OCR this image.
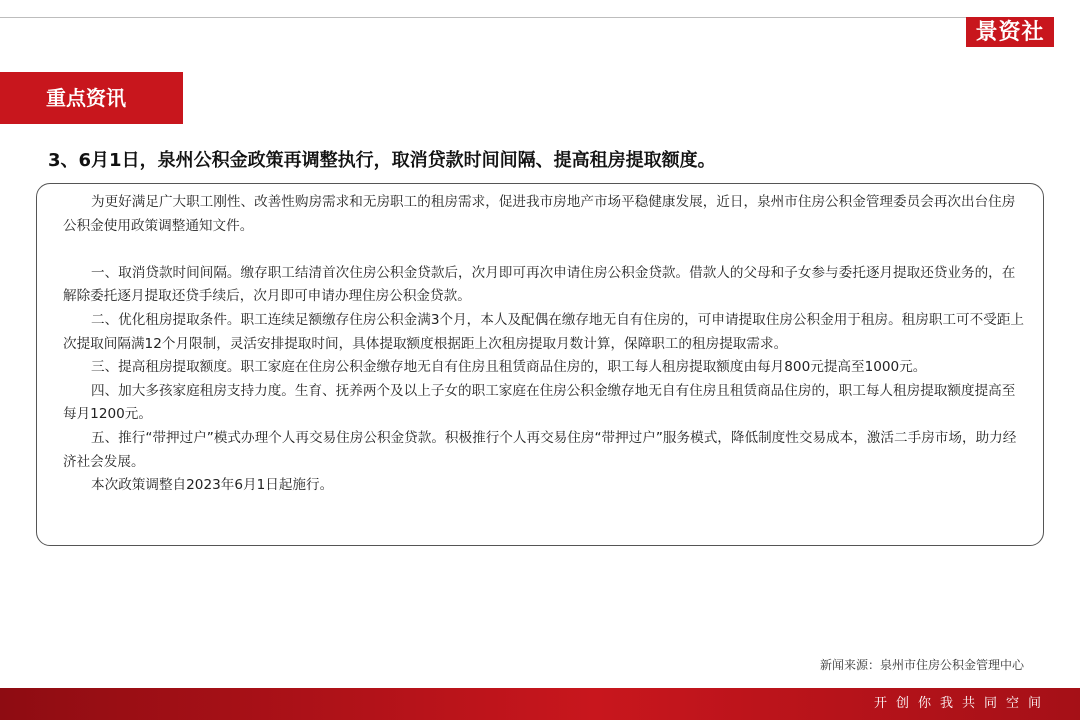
景资社
重点资讯
3、6月1日，泉州公积金政策再调整执行，取消贷款时间间隔、提高租房提取额度。

为更好满足广大职工刚性、改善性购房需求和无房职工的租房需求，促进我市房地产市场平稳健康发展，近日，泉州市住房公积金管理委员会再次出台住房公积金使用政策调整通知文件。

一、取消贷款时间间隔。缴存职工结清首次住房公积金贷款后，次月即可再次申请住房公积金贷款。借款人的父母和子女参与委托逐月提取还贷业务的，在解除委托逐月提取还贷手续后，次月即可申请办理住房公积金贷款。

二、优化租房提取条件。职工连续足额缴存住房公积金满3个月，本人及配偶在缴存地无自有住房的，可申请提取住房公积金用于租房。租房职工可不受距上次提取间隔满12个月限制，灵活安排提取时间，具体提取额度根据距上次租房提取月数计算，保障职工的租房提取需求。

三、提高租房提取额度。职工家庭在住房公积金缴存地无自有住房且租赁商品住房的，职工每人租房提取额度由每月800元提高至1000元。

四、加大多孩家庭租房支持力度。生育、抚养两个及以上子女的职工家庭在住房公积金缴存地无自有住房且租赁商品住房的，职工每人租房提取额度提高至每月1200元。

五、推行“带押过户”模式办理个人再交易住房公积金贷款。积极推行个人再交易住房“带押过户”服务模式，降低制度性交易成本，激活二手房市场，助力经济社会发展。

本次政策调整自2023年6月1日起施行。

新闻来源：泉州市住房公积金管理中心
开创你我共同空间
